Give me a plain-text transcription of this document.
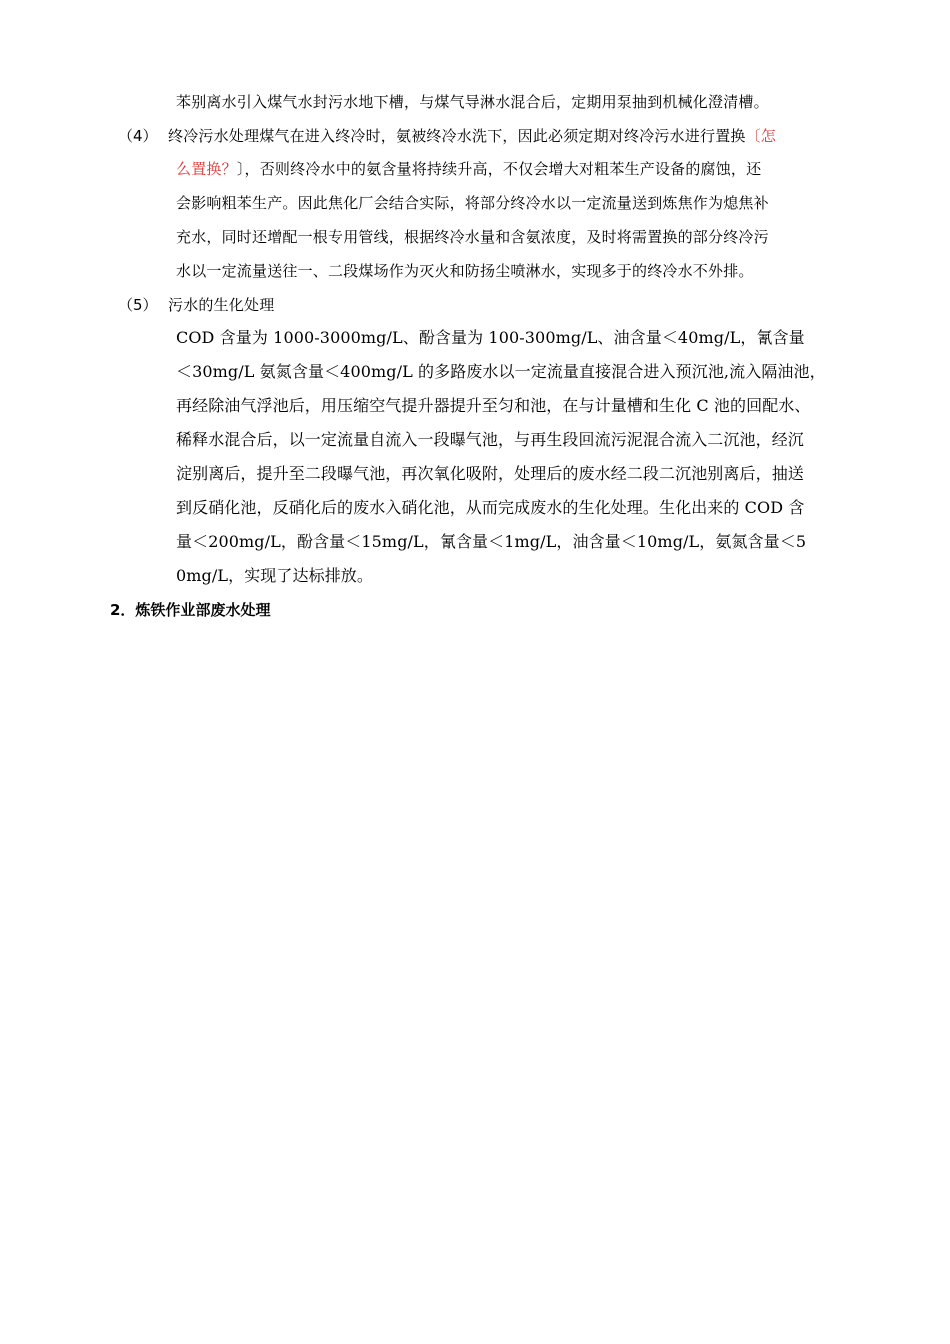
苯别离水引入煤气水封污水地下槽，与煤气导淋水混合后，定期用泵抽到机械化澄清槽。
（4） 终冷污水处理煤气在进入终冷时，氨被终冷水洗下，因此必须定期对终冷污水进行置换〔怎
么置换？〕，否则终冷水中的氨含量将持续升高，不仅会增大对粗苯生产设备的腐蚀，还
会影响粗苯生产。因此焦化厂会结合实际，将部分终冷水以一定流量送到炼焦作为熄焦补
充水，同时还增配一根专用管线，根据终冷水量和含氨浓度，及时将需置换的部分终冷污
水以一定流量送往一、二段煤场作为灭火和防扬尘喷淋水，实现多于的终冷水不外排。
（5） 污水的生化处理
COD 含量为 1000-3000mg/L、酚含量为 100-300mg/L、油含量＜40mg/L，氰含量
＜30mg/L 氨氮含量＜400mg/L 的多路废水以一定流量直接混合进入预沉池,流入隔油池，
再经除油气浮池后，用压缩空气提升器提升至匀和池，在与计量槽和生化 C 池的回配水、
稀释水混合后，以一定流量自流入一段曝气池，与再生段回流污泥混合流入二沉池，经沉
淀别离后，提升至二段曝气池，再次氧化吸附，处理后的废水经二段二沉池别离后，抽送
到反硝化池，反硝化后的废水入硝化池，从而完成废水的生化处理。生化出来的 COD 含
量＜200mg/L，酚含量＜15mg/L，氰含量＜1mg/L，油含量＜10mg/L，氨氮含量＜5
0mg/L，实现了达标排放。
2．炼铁作业部废水处理
